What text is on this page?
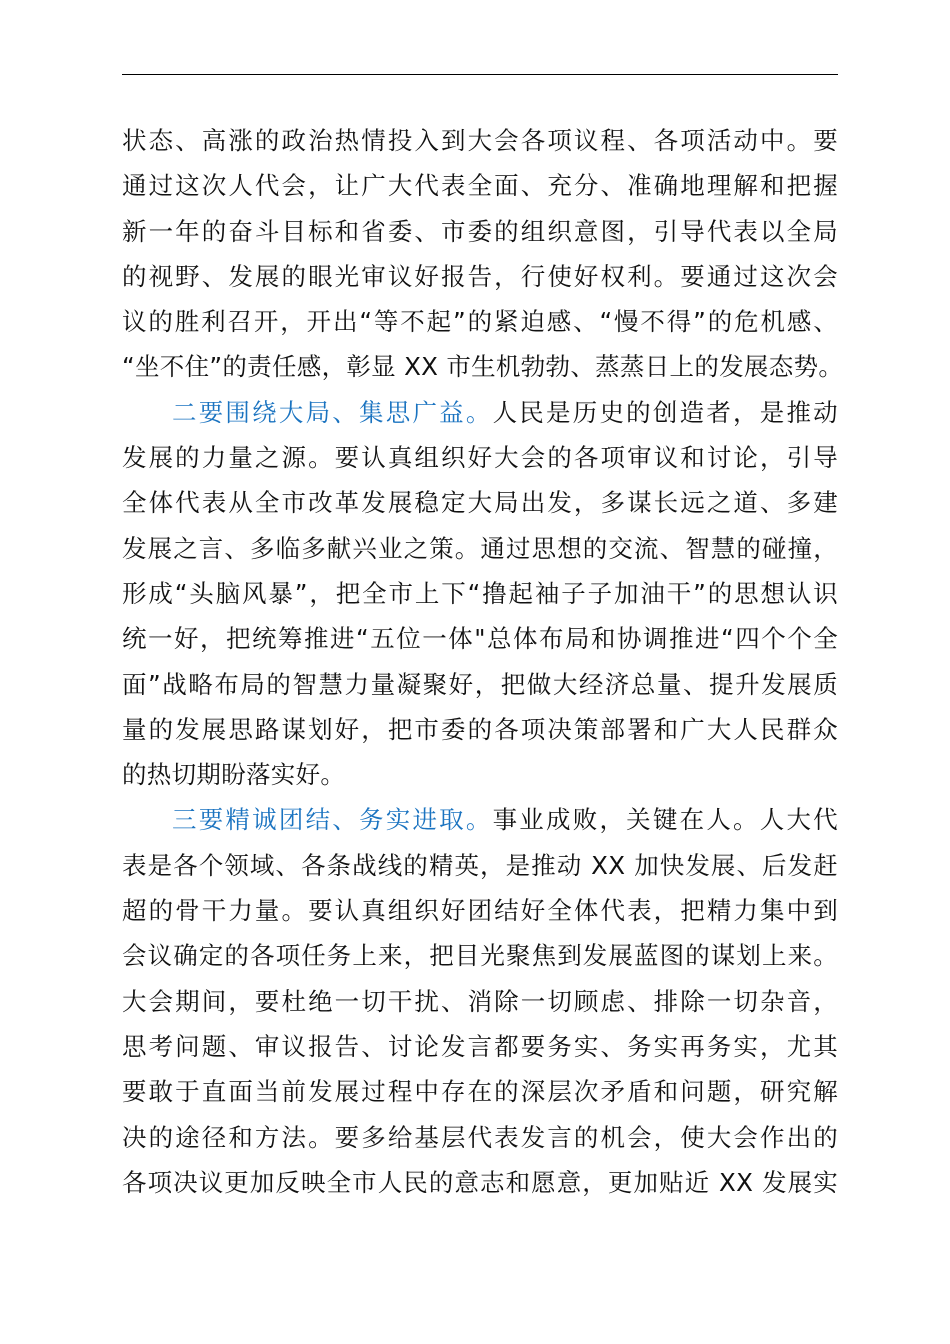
状态、高涨的政治热情投入到大会各项议程、各项活动中。要
通过这次人代会，让广大代表全面、充分、准确地理解和把握
新一年的奋斗目标和省委、市委的组织意图，引导代表以全局
的视野、发展的眼光审议好报告，行使好权利。要通过这次会
议的胜利召开，开出“等不起”的紧迫感、“慢不得”的危机感、
“坐不住”的责任感，彰显 XX 市生机勃勃、蒸蒸日上的发展态势。
二要围绕大局、集思广益。人民是历史的创造者，是推动
发展的力量之源。要认真组织好大会的各项审议和讨论，引导
全体代表从全市改革发展稳定大局出发，多谋长远之道、多建
发展之言、多临多献兴业之策。通过思想的交流、智慧的碰撞，
形成“头脑风暴”，把全市上下“撸起袖子子加油干”的思想认识
统一好，把统筹推进“五位一体"总体布局和协调推进“四个个全
面”战略布局的智慧力量凝聚好，把做大经济总量、提升发展质
量的发展思路谋划好，把市委的各项决策部署和广大人民群众
的热切期盼落实好。
三要精诚团结、务实进取。事业成败，关键在人。人大代
表是各个领域、各条战线的精英，是推动 XX 加快发展、后发赶
超的骨干力量。要认真组织好团结好全体代表，把精力集中到
会议确定的各项任务上来，把目光聚焦到发展蓝图的谋划上来。
大会期间，要杜绝一切干扰、消除一切顾虑、排除一切杂音，
思考问题、审议报告、讨论发言都要务实、务实再务实，尤其
要敢于直面当前发展过程中存在的深层次矛盾和问题，研究解
决的途径和方法。要多给基层代表发言的机会，使大会作出的
各项决议更加反映全市人民的意志和愿意，更加贴近 XX 发展实
